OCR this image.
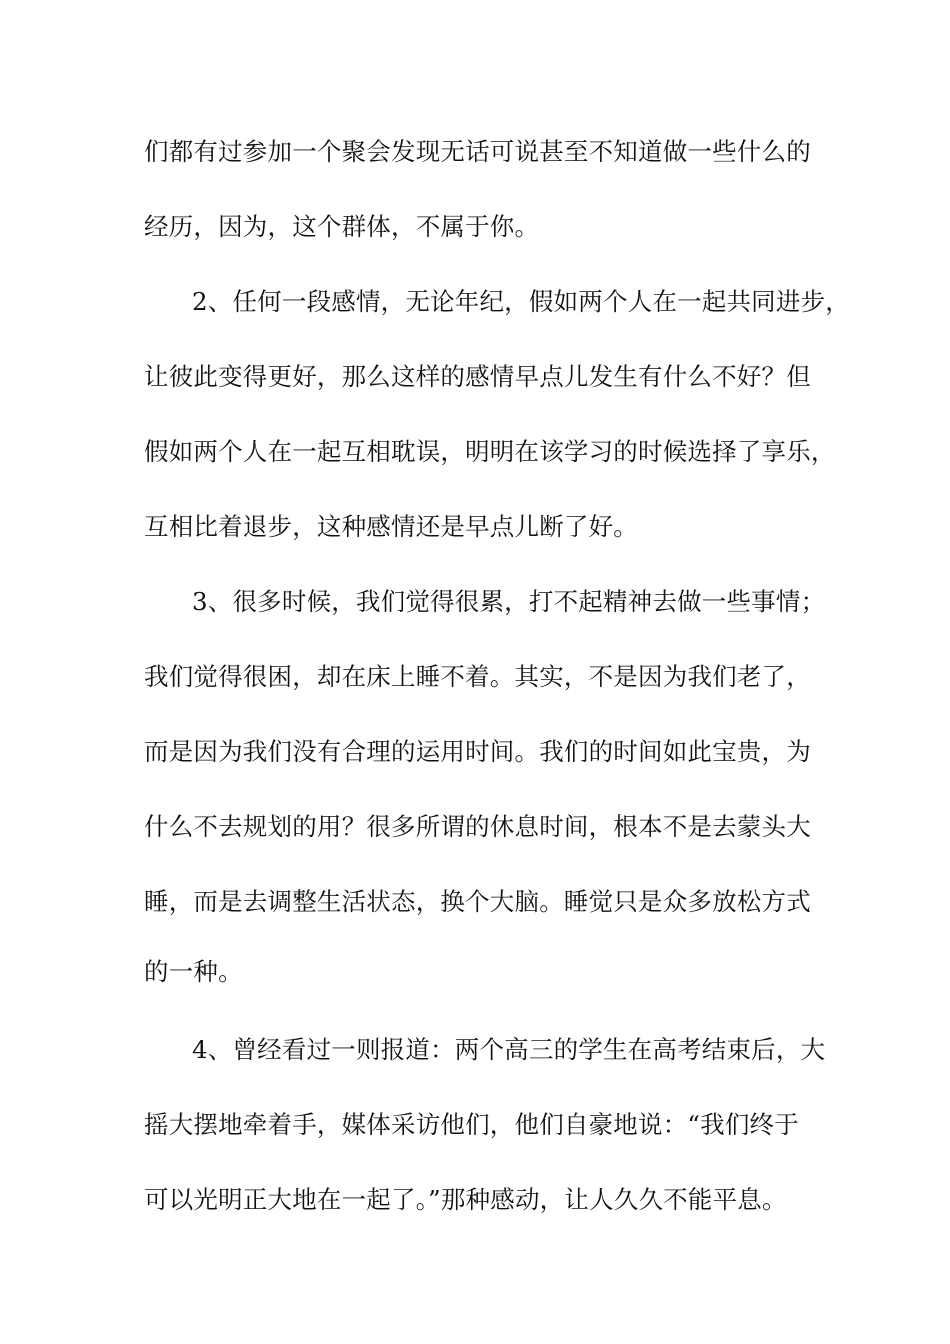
们都有过参加一个聚会发现无话可说甚至不知道做一些什么的
经历，因为，这个群体，不属于你。
2、任何一段感情，无论年纪，假如两个人在一起共同进步，
让彼此变得更好，那么这样的感情早点儿发生有什么不好？但
假如两个人在一起互相耽误，明明在该学习的时候选择了享乐，
互相比着退步，这种感情还是早点儿断了好。
3、很多时候，我们觉得很累，打不起精神去做一些事情；
我们觉得很困，却在床上睡不着。其实，不是因为我们老了，
而是因为我们没有合理的运用时间。我们的时间如此宝贵，为
什么不去规划的用？很多所谓的休息时间，根本不是去蒙头大
睡，而是去调整生活状态，换个大脑。睡觉只是众多放松方式
的一种。
4、曾经看过一则报道：两个高三的学生在高考结束后，大
摇大摆地牵着手，媒体采访他们，他们自豪地说：“我们终于
可以光明正大地在一起了。”那种感动，让人久久不能平息。
